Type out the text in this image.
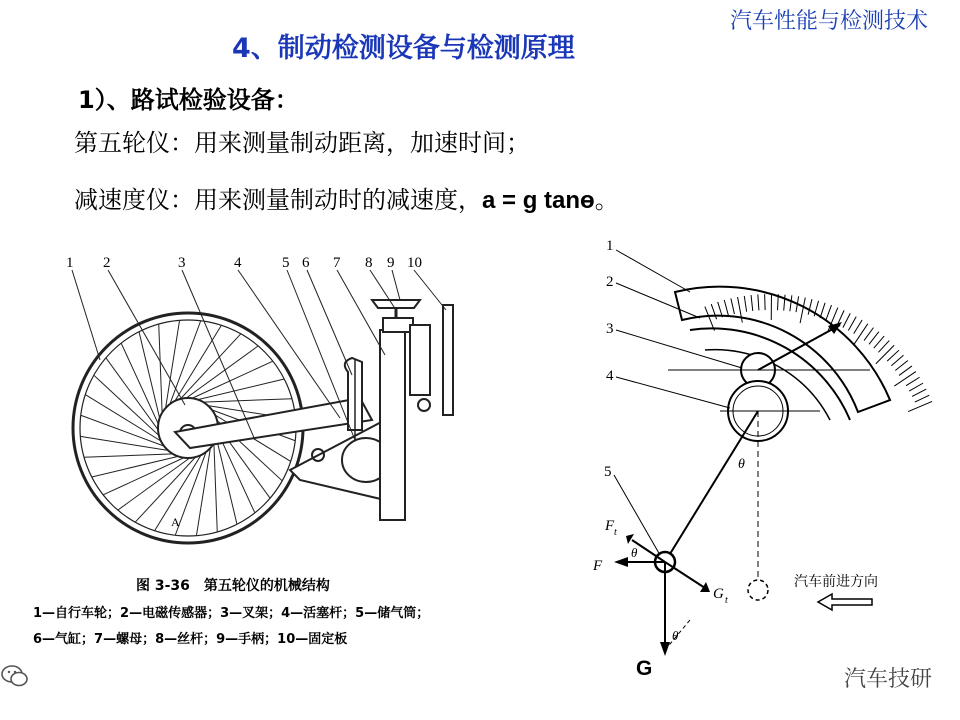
汽车性能与检测技术
4、制动检测设备与检测原理
1）、路试检验设备：
第五轮仪：用来测量制动距离，加速时间；
减速度仪：用来测量制动时的减速度，a = g tanɵ。
1 2	3	4	5 6 7 8 9 10
A
图 3-36　第五轮仪的机械结构
1—自行车轮；2—电磁传感器；3—叉架；4—活塞杆；5—储气筒；
6—气缸；7—螺母；8—丝杆；9—手柄；10—固定板
1
2
3
4
5	θ
θ
θ
F t
F
G t
G
汽车前进方向
汽车技研
